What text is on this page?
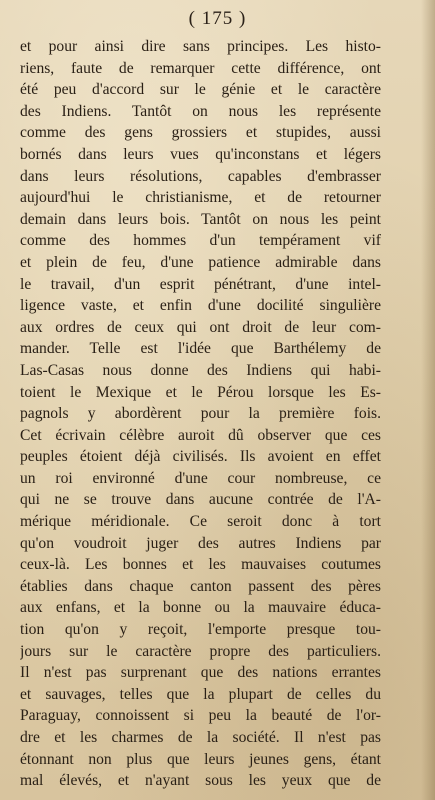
( 175 )
et pour ainsi dire sans principes. Les histo-
riens, faute de remarquer cette différence, ont
été peu d'accord sur le génie et le caractère
des Indiens. Tantôt on nous les représente
comme des gens grossiers et stupides, aussi
bornés dans leurs vues qu'inconstans et légers
dans leurs résolutions, capables d'embrasser
aujourd'hui le christianisme, et de retourner
demain dans leurs bois. Tantôt on nous les peint
comme des hommes d'un tempérament vif
et plein de feu, d'une patience admirable dans
le travail, d'un esprit pénétrant, d'une intel-
ligence vaste, et enfin d'une docilité singulière
aux ordres de ceux qui ont droit de leur com-
mander. Telle est l'idée que Barthélemy de
Las-Casas nous donne des Indiens qui habi-
toient le Mexique et le Pérou lorsque les Es-
pagnols y abordèrent pour la première fois.
Cet écrivain célèbre auroit dû observer que ces
peuples étoient déjà civilisés. Ils avoient en effet
un roi environné d'une cour nombreuse, ce
qui ne se trouve dans aucune contrée de l'A-
mérique méridionale. Ce seroit donc à tort
qu'on voudroit juger des autres Indiens par
ceux-là. Les bonnes et les mauvaises coutumes
établies dans chaque canton passent des pères
aux enfans, et la bonne ou la mauvaire éduca-
tion qu'on y reçoit, l'emporte presque tou-
jours sur le caractère propre des particuliers.
Il n'est pas surprenant que des nations errantes
et sauvages, telles que la plupart de celles du
Paraguay, connoissent si peu la beauté de l'or-
dre et les charmes de la société. Il n'est pas
étonnant non plus que leurs jeunes gens, étant
mal élevés, et n'ayant sous les yeux que de
